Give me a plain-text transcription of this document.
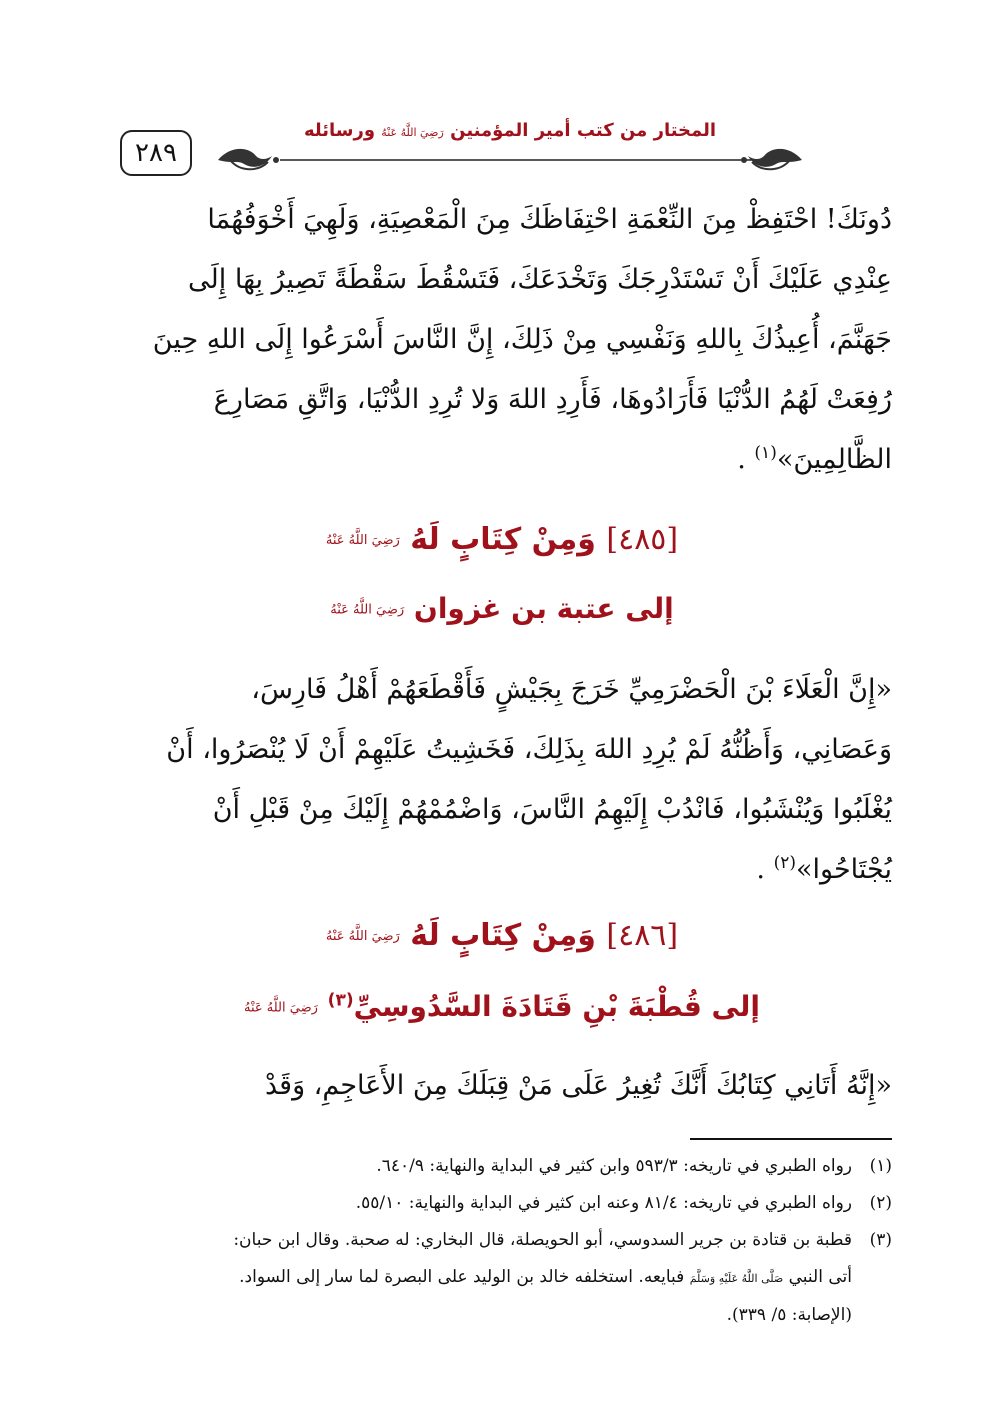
٢٨٩
المختار من كتب أمير المؤمنين رَضِيَ اللَّهُ عَنْهُ ورسائله
دُونَكَ! احْتَفِظْ مِنَ النِّعْمَةِ احْتِفَاظَكَ مِنَ الْمَعْصِيَةِ، وَلَهِيَ أَخْوَفُهُمَا
عِنْدِي عَلَيْكَ أَنْ تَسْتَدْرِجَكَ وَتَخْدَعَكَ، فَتَسْقُطَ سَقْطَةً تَصِيرُ بِهَا إِلَى
جَهَنَّمَ، أُعِيذُكَ بِاللهِ وَنَفْسِي مِنْ ذَلِكَ، إِنَّ النَّاسَ أَسْرَعُوا إِلَى اللهِ حِينَ
رُفِعَتْ لَهُمُ الدُّنْيَا فَأَرَادُوهَا، فَأَرِدِ اللهَ وَلا تُرِدِ الدُّنْيَا، وَاتَّقِ مَصَارِعَ
الظَّالِمِينَ»$^{(١)}$ .
[٤٨٥] وَمِنْ كِتَابٍ لَهُ رَضِيَ اللَّهُ عَنْهُ
إلى عتبة بن غزوان رَضِيَ اللَّهُ عَنْهُ
«إِنَّ الْعَلَاءَ بْنَ الْحَضْرَمِيِّ خَرَجَ بِجَيْشٍ فَأَقْطَعَهُمْ أَهْلُ فَارِسَ،
وَعَصَانِي، وَأَظُنُّهُ لَمْ يُرِدِ اللهَ بِذَلِكَ، فَخَشِيتُ عَلَيْهِمْ أَنْ لَا يُنْصَرُوا، أَنْ
يُغْلَبُوا وَيُنْشَبُوا، فَانْدُبْ إِلَيْهِمُ النَّاسَ، وَاضْمُمْهُمْ إِلَيْكَ مِنْ قَبْلِ أَنْ
يُجْتَاحُوا»$^{(٢)}$ .
[٤٨٦] وَمِنْ كِتَابٍ لَهُ رَضِيَ اللَّهُ عَنْهُ
إلى قُطْبَةَ بْنِ قَتَادَةَ السَّدُوسِيِّ$^{(٣)}$ رَضِيَ اللَّهُ عَنْهُ
«إِنَّهُ أَتَانِي كِتَابُكَ أَنَّكَ تُغِيرُ عَلَى مَنْ قِبَلَكَ مِنَ الأَعَاجِمِ، وَقَدْ
(١)
رواه الطبري في تاريخه: ٥٩٣/٣ وابن كثير في البداية والنهاية: ٦٤٠/٩.
(٢)
رواه الطبري في تاريخه: ٨١/٤ وعنه ابن كثير في البداية والنهاية: ٥٥/١٠.
(٣)
قطبة بن قتادة بن جرير السدوسي، أبو الحويصلة، قال البخاري: له صحبة. وقال ابن حبان:
أتى النبي صَلَّى اللَّهُ عَلَيْهِ وَسَلَّمَ فبايعه. استخلفه خالد بن الوليد على البصرة لما سار إلى السواد.
(الإصابة: ٥/ ٣٣٩).
